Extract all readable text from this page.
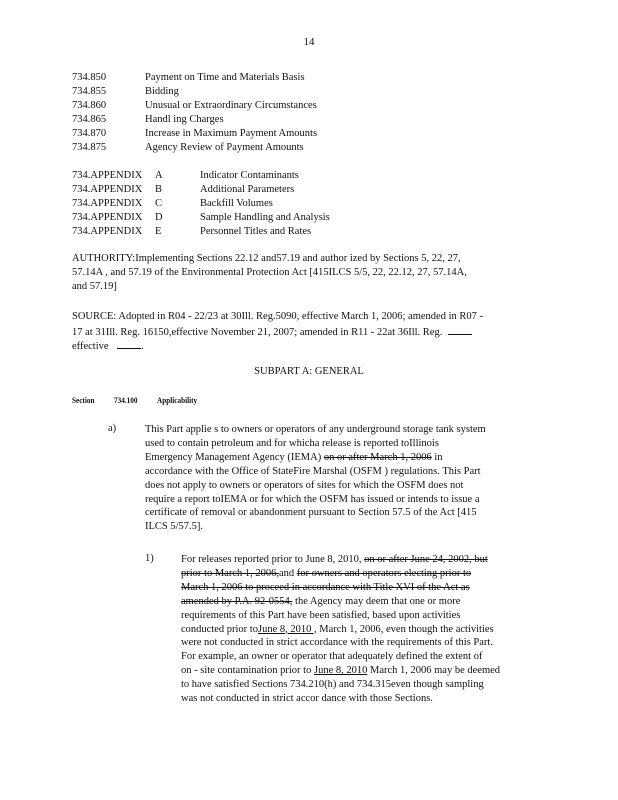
14
734.850	Payment on Time and Materials Basis
734.855	Bidding
734.860	Unusual or Extraordinary Circumstances
734.865	Handl ing Charges
734.870	Increase in Maximum Payment Amounts
734.875	Agency Review of Payment Amounts
734.APPENDIX A	Indicator Contaminants
734.APPENDIX B	Additional Parameters
734.APPENDIX C	Backfill Volumes
734.APPENDIX D	Sample Handling and Analysis
734.APPENDIX E	Personnel Titles and Rates
AUTHORITY:Implementing Sections 22.12 and57.19 and author ized by Sections 5, 22, 27,
57.14A , and 57.19 of the Environmental Protection Act [415ILCS 5/5, 22, 22.12, 27, 57.14A,
and 57.19]
SOURCE: Adopted in R04 - 22/23 at 30Ill. Reg.5090, effective March 1, 2006; amended in R07 -
17 at 31Ill. Reg. 16150,effective November 21, 2007; amended in R11 - 22at 36Ill. Reg.
effective	.
SUBPART A: GENERAL
Section 734.100 Applicability
a)	This Part applie s to owners or operators of any underground storage tank system
used to contain petroleum and for whicha release is reported toIllinois
Emergency Management Agency (IEMA) on or after March 1, 2006 in
accordance with the Office of StateFire Marshal (OSFM ) regulations. This Part
does not apply to owners or operators of sites for which the OSFM does not
require a report toIEMA or for which the OSFM has issued or intends to issue a
certificate of removal or abandonment pursuant to Section 57.5 of the Act [415
ILCS 5/57.5].
1)	For releases reported prior to June 8, 2010, on or after June 24, 2002, but
prior to March 1, 2006,and for owners and operators electing prior to
March 1, 2006 to proceed in accordance with Title XVI of the Act as
amended by P.A. 92-0554, the Agency may deem that one or more
requirements of this Part have been satisfied, based upon activities
conducted prior toJune 8, 2010 , March 1, 2006, even though the activities
were not conducted in strict accordance with the requirements of this Part.
For example, an owner or operator that adequately defined the extent of
on - site contamination prior to June 8, 2010 March 1, 2006 may be deemed
to have satisfied Sections 734.210(h) and 734.315even though sampling
was not conducted in strict accor dance with those Sections.
